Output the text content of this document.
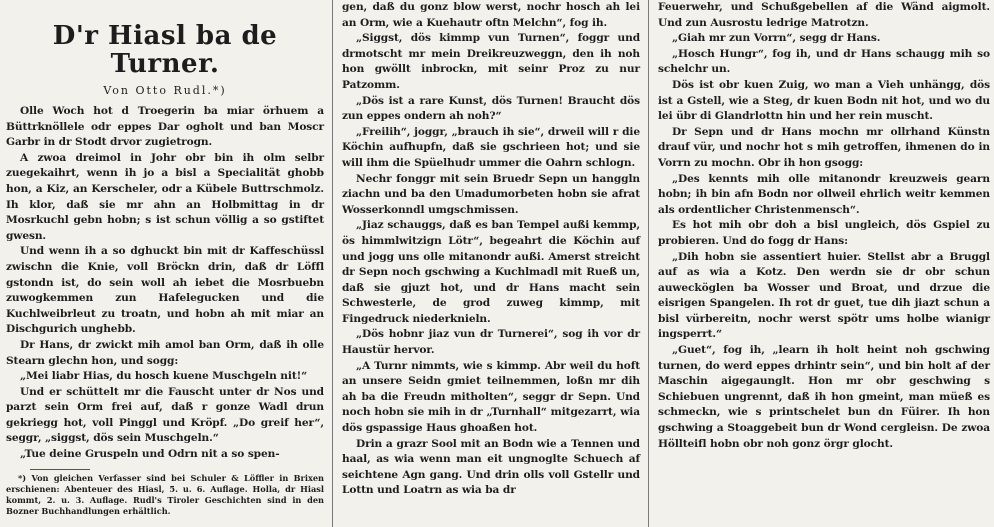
D'r Hiasl ba de Turner.
Von Otto Rudl.*)

Olle Woch hot d Troegerin ba miar örhuem a Büttrknöllele odr eppes Dar ogholt und ban Moscr Garbr in dr Stodt drvor zugietrogn.

A zwoa dreimol in Johr obr bin ih olm selbr zuegekaihrt, wenn ih jo a bisl a Specialität ghobb hon, a Kiz, an Kerscheler, odr a Kübele Buttrschmolz. Ih klor, daß sie mr ahn an Holbmittag in dr Mosrkuchl gebn hobn; s ist schun völlig a so gstiftet gwesn.

Und wenn ih a so dghuckt bin mit dr Kaffeschüssl zwischn die Knie, voll Bröckn drin, daß dr Löffl gstondn ist, do sein woll ah iebet die Mosrbuebn zuwogkemmen zun Hafelegucken und die Kuchlweibrleut zu troatn, und hobn ah mit miar an Dischgurich unghebb.

Dr Hans, dr zwickt mih amol ban Orm, daß ih olle Stearn glechn hon, und sogg:

„Mei liabr Hias, du hosch kuene Muschgeln nit!“

Und er schüttelt mr die Fauscht unter dr Nos und parzt sein Orm frei auf, daß r gonze Wadl drun gekriegg hot, voll Pinggl und Kröpf. „Do greif her“, seggr, „siggst, dös sein Muschgeln.“

„Tue deine Gruspeln und Odrn nit a so spen-

*) Von gleichen Verfasser sind bei Schuler & Löffler in Brixen erschienen: Abenteuer des Hiasl, 5. u. 6. Auflage. Holla, dr Hiasl kommt, 2. u. 3. Auflage. Rudl's Tiroler Geschichten sind in den Bozner Buchhandlungen erhältlich.

gen, daß du gonz blow werst, nochr hosch ah lei an Orm, wie a Kuehautr oftn Melchn“, fog ih.

„Siggst, dös kimmp vun Turnen“, foggr und drmotscht mr mein Dreikreuzweggn, den ih noh hon gwöllt inbrockn, mit seinr Proz zu nur Patzomm.

„Dös ist a rare Kunst, dös Turnen! Braucht dös zun eppes ondern ah noh?“

„Freilih“, joggr, „brauch ih sie“, drweil will r die Köchin aufhupfn, daß sie gschrieen hot; und sie will ihm die Spüelhudr ummer die Oahrn schlogn.

Nechr fonggr mit sein Bruedr Sepn un hanggln ziachn und ba den Umadumorbeten hobn sie afrat Wosserkonndl umgschmissen.

„Jiaz schauggs, daß es ban Tempel außi kemmp, ös himmlwitzign Lötr“, begeahrt die Köchin auf und jogg uns olle mitanondr außi. Amerst streicht dr Sepn noch gschwing a Kuchlmadl mit Rueß un, daß sie gjuzt hot, und dr Hans macht sein Schwesterle, de grod zuweg kimmp, mit Fingedruck niederknieln.

„Dös hobnr jiaz vun dr Turnerei“, sog ih vor dr Haustür hervor.

„A Turnr nimmts, wie s kimmp. Abr weil du hoft an unsere Seidn gmiet teilnemmen, loßn mr dih ah ba die Freudn mitholten“, seggr dr Sepn. Und noch hobn sie mih in dr „Turnhall“ mitgezarrt, wia dös gspassige Haus ghoaßen hot.

Drin a grazr Sool mit an Bodn wie a Tennen und haal, as wia wenn man eit ungnoglte Schuech af seichtene Agn gang. Und drin olls voll Gstellr und Lottn und Loatrn as wia ba dr

Feuerwehr, und Schußgebellen af die Wänd aigmolt. Und zun Ausrostu ledrige Matrotzn.

„Giah mr zun Vorrn“, segg dr Hans.

„Hosch Hungr“, fog ih, und dr Hans schaugg mih so schelchr un.

Dös ist obr kuen Zuig, wo man a Vieh unhängg, dös ist a Gstell, wie a Steg, dr kuen Bodn nit hot, und wo du lei übr di Glandrlottn hin und her rein muscht.

Dr Sepn und dr Hans mochn mr ollrhand Künstn drauf vür, und nochr hot s mih getroffen, ihmenen do in Vorrn zu mochn. Obr ih hon gsogg:

„Des kennts mih olle mitanondr kreuzweis gearn hobn; ih bin afn Bodn nor ollweil ehrlich weitr kemmen als ordentlicher Christenmensch“.

Es hot mih obr doh a bisl ungleich, dös Gspiel zu probieren. Und do fogg dr Hans:

„Dih hobn sie assentiert huier. Stellst abr a Bruggl auf as wia a Kotz. Den werdn sie dr obr schun auwecköglen ba Wosser und Broat, und drzue die eisrigen Spangelen. Ih rot dr guet, tue dih jiazt schun a bisl vürbereitn, nochr werst spötr ums holbe wianigr ingsperrt.“

„Guet“, fog ih, „learn ih holt heint noh gschwing turnen, do werd eppes drhintr sein“, und bin holt af der Maschin aigegaunglt. Hon mr obr geschwing s Schiebuen ungrennt, daß ih hon gmeint, man müeß es schmeckn, wie s printschelet bun dn Füirer. Ih hon gschwing a Stoaggebeit bun dr Wond cergleisn. De zwoa Höllteifl hobn obr noh gonz örgr glocht.
